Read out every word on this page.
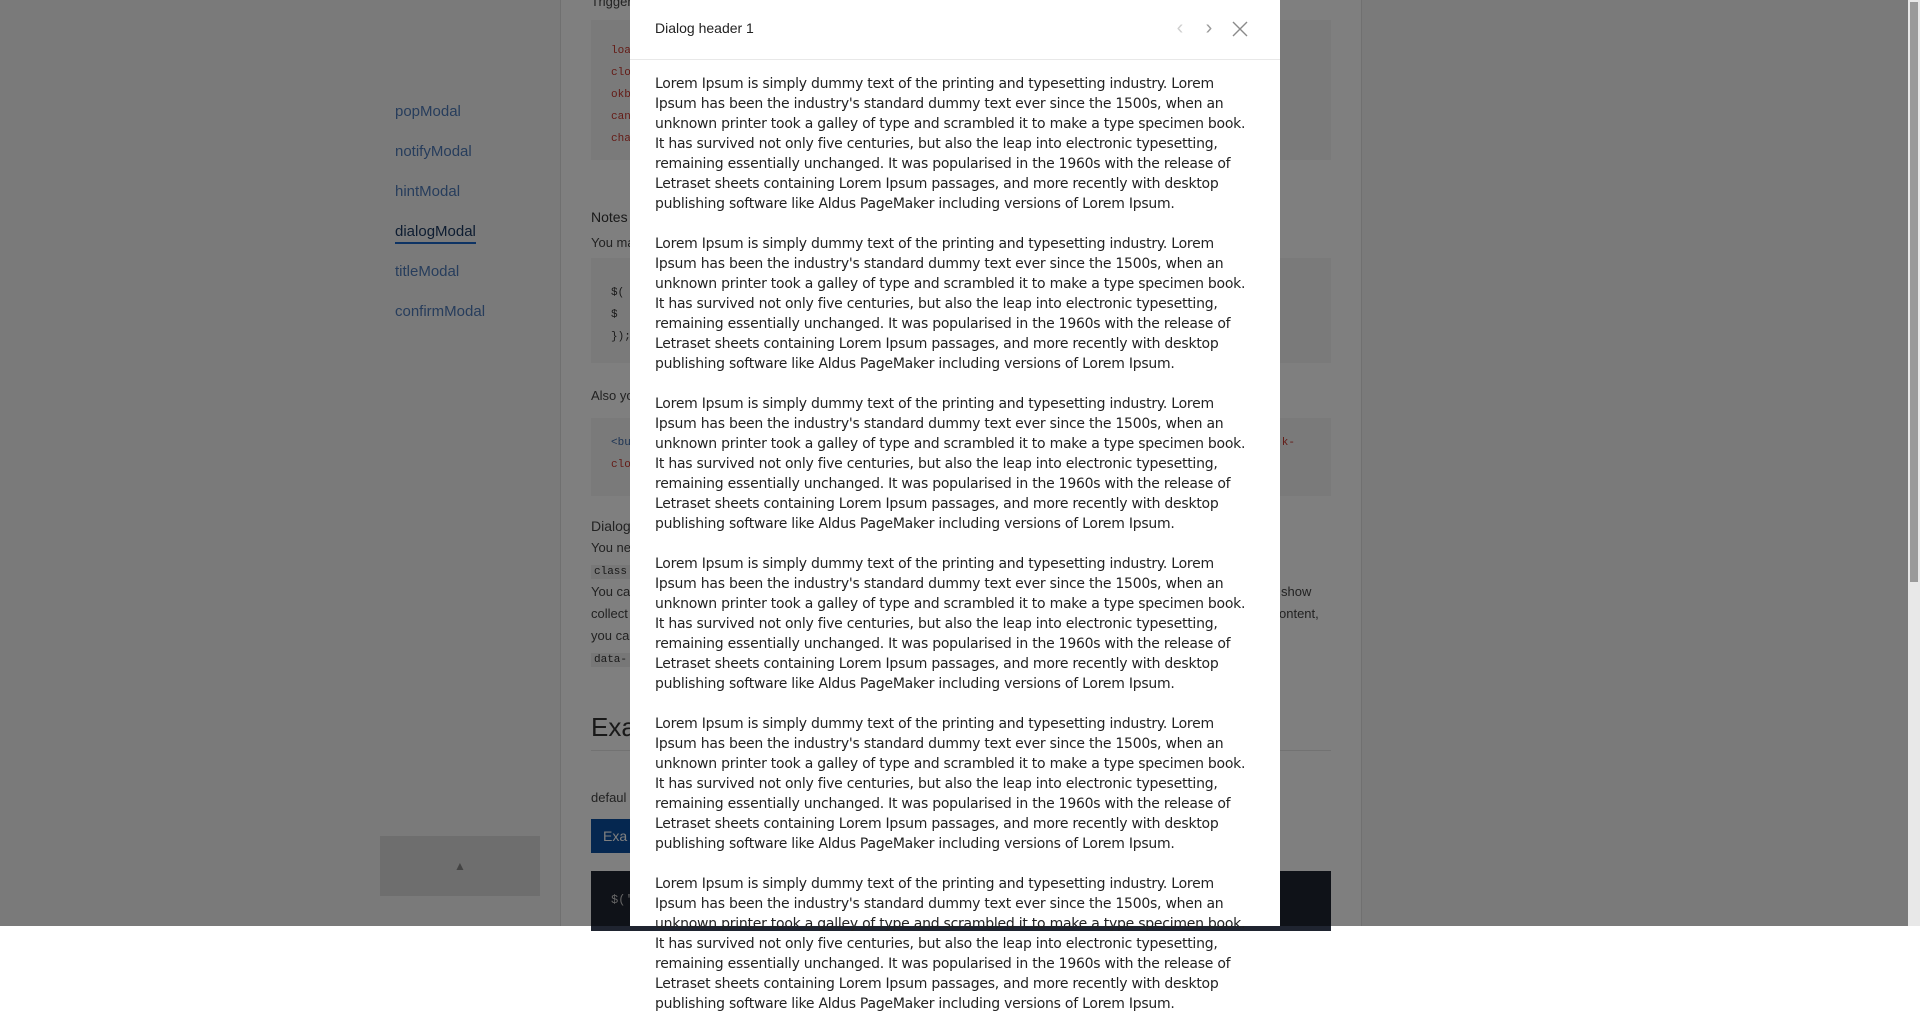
Dialog header 1	‹	›

Lorem Ipsum is simply dummy text of the printing and typesetting industry. Lorem Ipsum has been the industry's standard dummy text ever since the 1500s, when an unknown printer took a galley of type and scrambled it to make a type specimen book. It has survived not only five centuries, but also the leap into electronic typesetting, remaining essentially unchanged. It was popularised in the 1960s with the release of Letraset sheets containing Lorem Ipsum passages, and more recently with desktop publishing software like Aldus PageMaker including versions of Lorem Ipsum.

Lorem Ipsum is simply dummy text of the printing and typesetting industry. Lorem Ipsum has been the industry's standard dummy text ever since the 1500s, when an unknown printer took a galley of type and scrambled it to make a type specimen book. It has survived not only five centuries, but also the leap into electronic typesetting, remaining essentially unchanged. It was popularised in the 1960s with the release of Letraset sheets containing Lorem Ipsum passages, and more recently with desktop publishing software like Aldus PageMaker including versions of Lorem Ipsum.

Lorem Ipsum is simply dummy text of the printing and typesetting industry. Lorem Ipsum has been the industry's standard dummy text ever since the 1500s, when an unknown printer took a galley of type and scrambled it to make a type specimen book. It has survived not only five centuries, but also the leap into electronic typesetting, remaining essentially unchanged. It was popularised in the 1960s with the release of Letraset sheets containing Lorem Ipsum passages, and more recently with desktop publishing software like Aldus PageMaker including versions of Lorem Ipsum.

Lorem Ipsum is simply dummy text of the printing and typesetting industry. Lorem Ipsum has been the industry's standard dummy text ever since the 1500s, when an unknown printer took a galley of type and scrambled it to make a type specimen book. It has survived not only five centuries, but also the leap into electronic typesetting, remaining essentially unchanged. It was popularised in the 1960s with the release of Letraset sheets containing Lorem Ipsum passages, and more recently with desktop publishing software like Aldus PageMaker including versions of Lorem Ipsum.

Lorem Ipsum is simply dummy text of the printing and typesetting industry. Lorem Ipsum has been the industry's standard dummy text ever since the 1500s, when an unknown printer took a galley of type and scrambled it to make a type specimen book. It has survived not only five centuries, but also the leap into electronic typesetting, remaining essentially unchanged. It was popularised in the 1960s with the release of Letraset sheets containing Lorem Ipsum passages, and more recently with desktop publishing software like Aldus PageMaker including versions of Lorem Ipsum.

Lorem Ipsum is simply dummy text of the printing and typesetting industry. Lorem Ipsum has been the industry's standard dummy text ever since the 1500s, when an unknown printer took a galley of type and scrambled it to make a type specimen book. It has survived not only five centuries, but also the leap into electronic typesetting, remaining essentially unchanged. It was popularised in the 1960s with the release of Letraset sheets containing Lorem Ipsum passages, and more recently with desktop publishing software like Aldus PageMaker including versions of Lorem Ipsum.
